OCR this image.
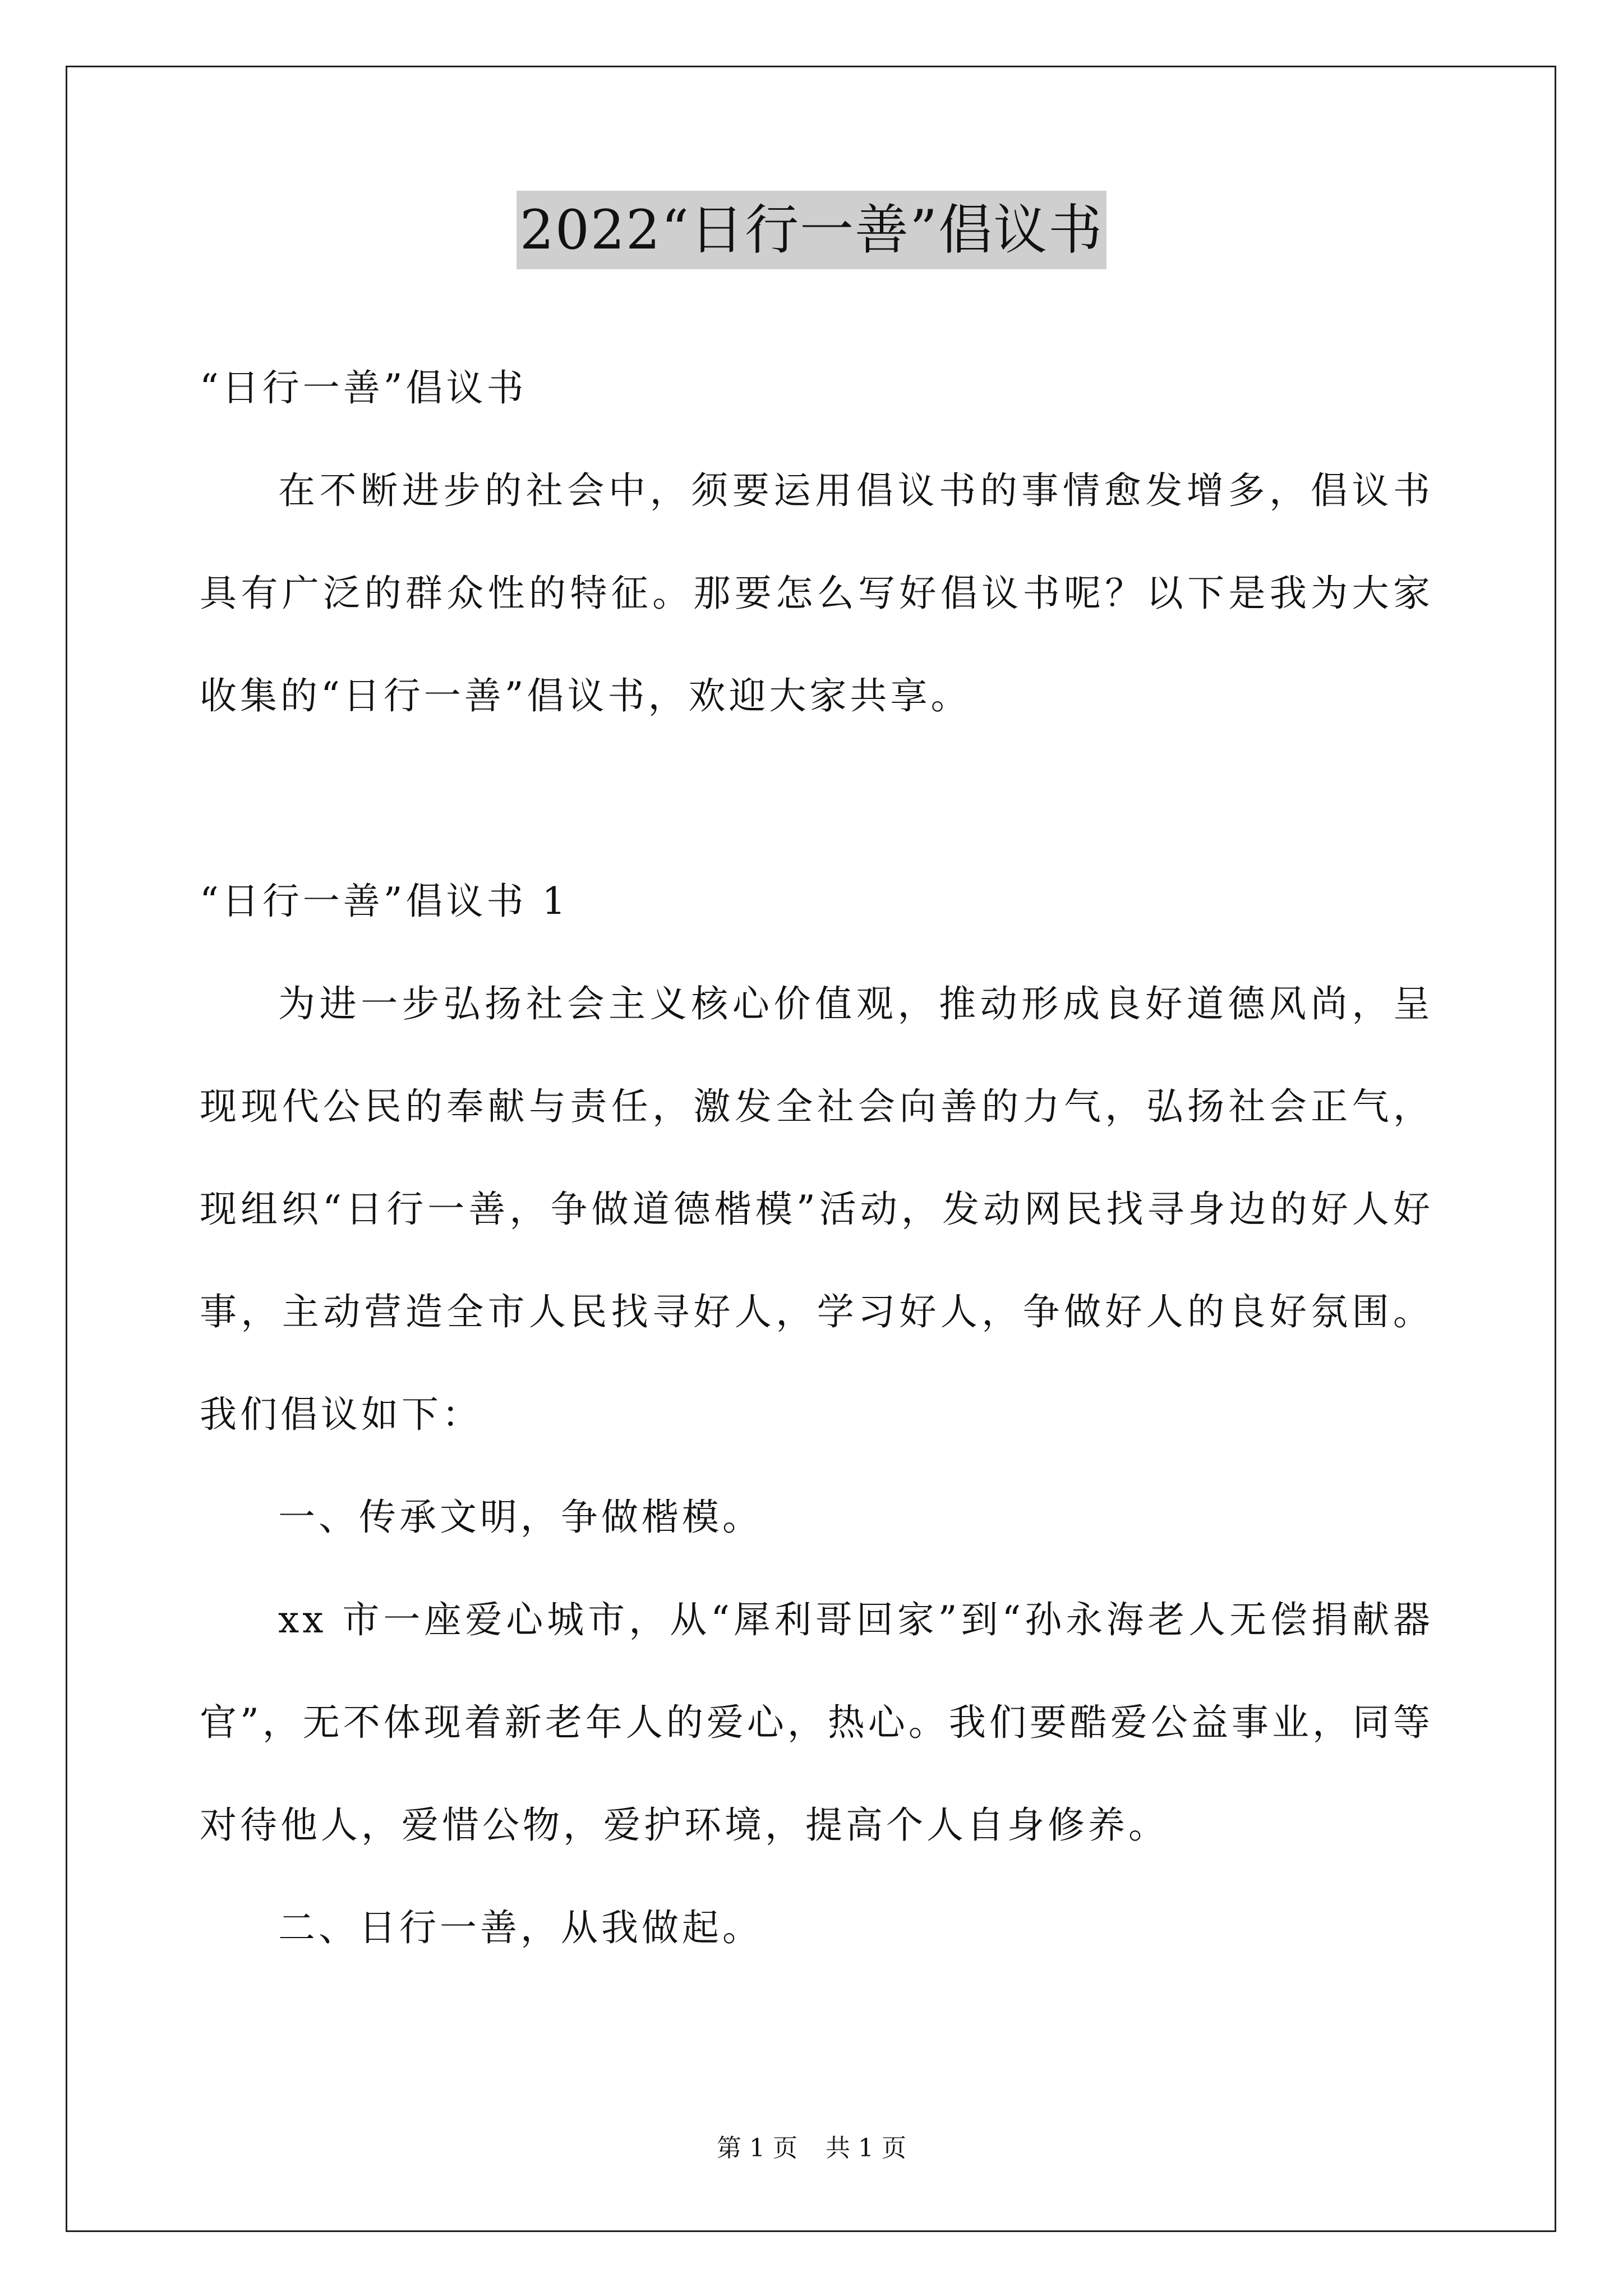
2022“日行一善”倡议书

“日行一善”倡议书

在不断进步的社会中，须要运用倡议书的事情愈发增多，倡议书具有广泛的群众性的特征。那要怎么写好倡议书呢？以下是我为大家收集的“日行一善”倡议书，欢迎大家共享。

“日行一善”倡议书 1

为进一步弘扬社会主义核心价值观，推动形成良好道德风尚，呈现现代公民的奉献与责任，激发全社会向善的力气，弘扬社会正气，现组织“日行一善，争做道德楷模”活动，发动网民找寻身边的好人好事，主动营造全市人民找寻好人，学习好人，争做好人的良好氛围。我们倡议如下：

一、传承文明，争做楷模。

xx 市一座爱心城市，从“犀利哥回家”到“孙永海老人无偿捐献器官”，无不体现着新老年人的爱心，热心。我们要酷爱公益事业，同等对待他人，爱惜公物，爱护环境，提高个人自身修养。

二、日行一善，从我做起。

第 1 页 共 1 页
